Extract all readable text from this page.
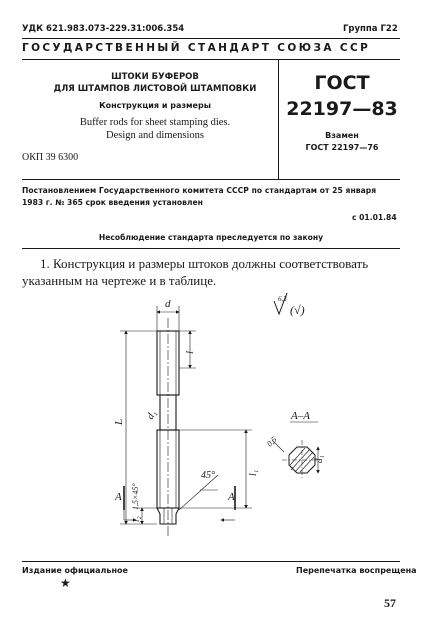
УДК 621.983.073-229.31:006.354	Группа Г22
ГОСУДАРСТВЕННЫЙ СТАНДАРТ СОЮЗА ССР
ШТОКИ БУФЕРОВ
ДЛЯ ШТАМПОВ ЛИСТОВОЙ ШТАМПОВКИ
Конструкция и размеры
Buffer rods for sheet stamping dies.
Design and dimensions
ОКП 39 6300
ГОСТ
22197—83
Взамен
ГОСТ 22197—76
Постановлением Государственного комитета СССР по стандартам от 25 января
1983 г. № 365 срок введения установлен
с 01.01.84
Несоблюдение стандарта преследуется по закону
1. Конструкция и размеры штоков должны соответствовать
указанным на чертеже и в таблице.
d
l
L
d₁
l₁
l₂
45°
A 1,5×45°	A
6,3
(√)
A–A
d₁
0,5
Издание официальное	Перепечатка воспрещена
★
57
